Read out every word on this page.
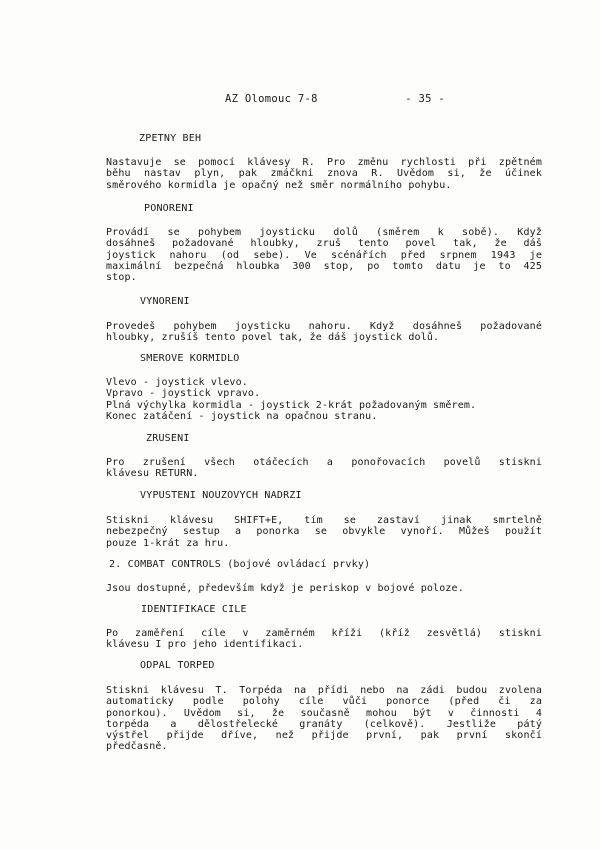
AZ Olomouc 7-8	- 35 -
ZPETNY BEH
Nastavuje se pomocí klávesy R. Pro změnu rychlosti při zpětném
běhu nastav plyn, pak zmáčkni znova R. Uvědom si, že účinek
směrového kormidla je opačný než směr normálního pohybu.
PONORENI
Provádí se pohybem joysticku dolů (směrem k sobě). Když
dosáhneš požadované hloubky, zruš tento povel tak, že dáš
joystick nahoru (od sebe). Ve scénářích před srpnem 1943 je
maximální bezpečná hloubka 300 stop, po tomto datu je to 425
stop.
VYNORENI
Provedeš pohybem joysticku nahoru. Když dosáhneš požadované
hloubky, zrušíš tento povel tak, že dáš joystick dolů.
SMEROVE KORMIDLO
Vlevo - joystick vlevo.
Vpravo - joystick vpravo.
Plná výchylka kormidla - joystick 2-krát požadovaným směrem.
Konec zatáčení - joystick na opačnou stranu.
ZRUSENI
Pro zrušení všech otáčecích a ponořovacích povelů stiskni
klávesu RETURN.
VYPUSTENI NOUZOVYCH NADRZI
Stiskni klávesu SHIFT+E, tím se zastaví jinak smrtelně
nebezpečný sestup a ponorka se obvykle vynoří. Můžeš použít
pouze 1-krát za hru.
2. COMBAT CONTROLS (bojové ovládací prvky)
Jsou dostupné, především když je periskop v bojové poloze.
IDENTIFIKACE CILE
Po zaměření cíle v zaměrném kříži (kříž zesvětlá) stiskni
klávesu I pro jeho identifikaci.
ODPAL TORPED
Stiskni klávesu T. Torpéda na přídi nebo na zádi budou zvolena
automaticky podle polohy cíle vůči ponorce (před či za
ponorkou). Uvědom si, že současně mohou být v činnosti 4
torpéda a dělostřelecké granáty (celkově). Jestliže pátý
výstřel přijde dříve, než přijde první, pak první skončí
předčasně.
